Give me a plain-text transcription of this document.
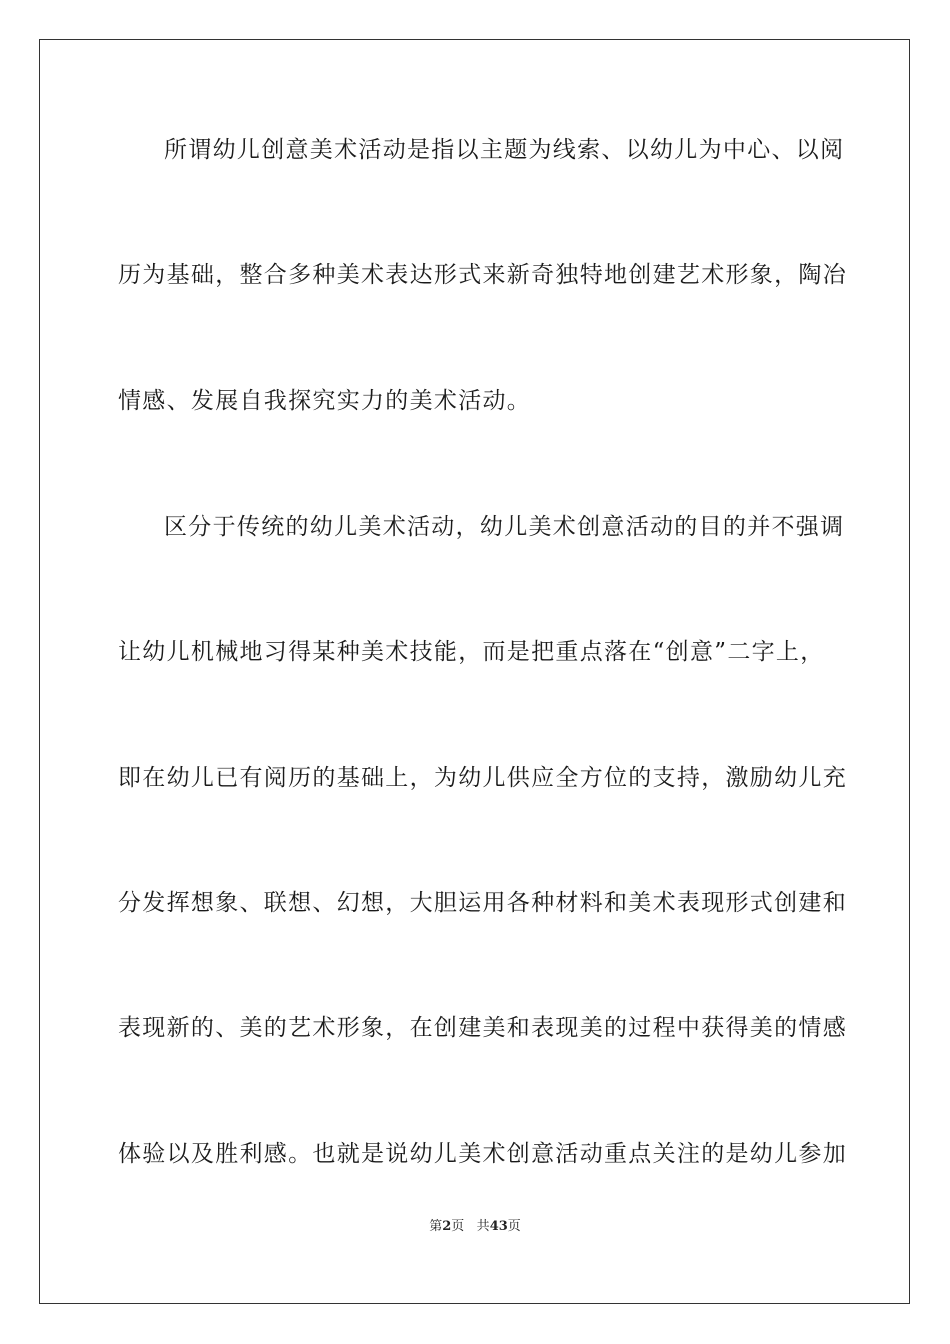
所谓幼儿创意美术活动是指以主题为线索、以幼儿为中心、以阅
历为基础，整合多种美术表达形式来新奇独特地创建艺术形象，陶冶
情感、发展自我探究实力的美术活动。
区分于传统的幼儿美术活动，幼儿美术创意活动的目的并不强调
让幼儿机械地习得某种美术技能，而是把重点落在“创意”二字上，
即在幼儿已有阅历的基础上，为幼儿供应全方位的支持，激励幼儿充
分发挥想象、联想、幻想，大胆运用各种材料和美术表现形式创建和
表现新的、美的艺术形象，在创建美和表现美的过程中获得美的情感
体验以及胜利感。也就是说幼儿美术创意活动重点关注的是幼儿参加
第2页 共43页
